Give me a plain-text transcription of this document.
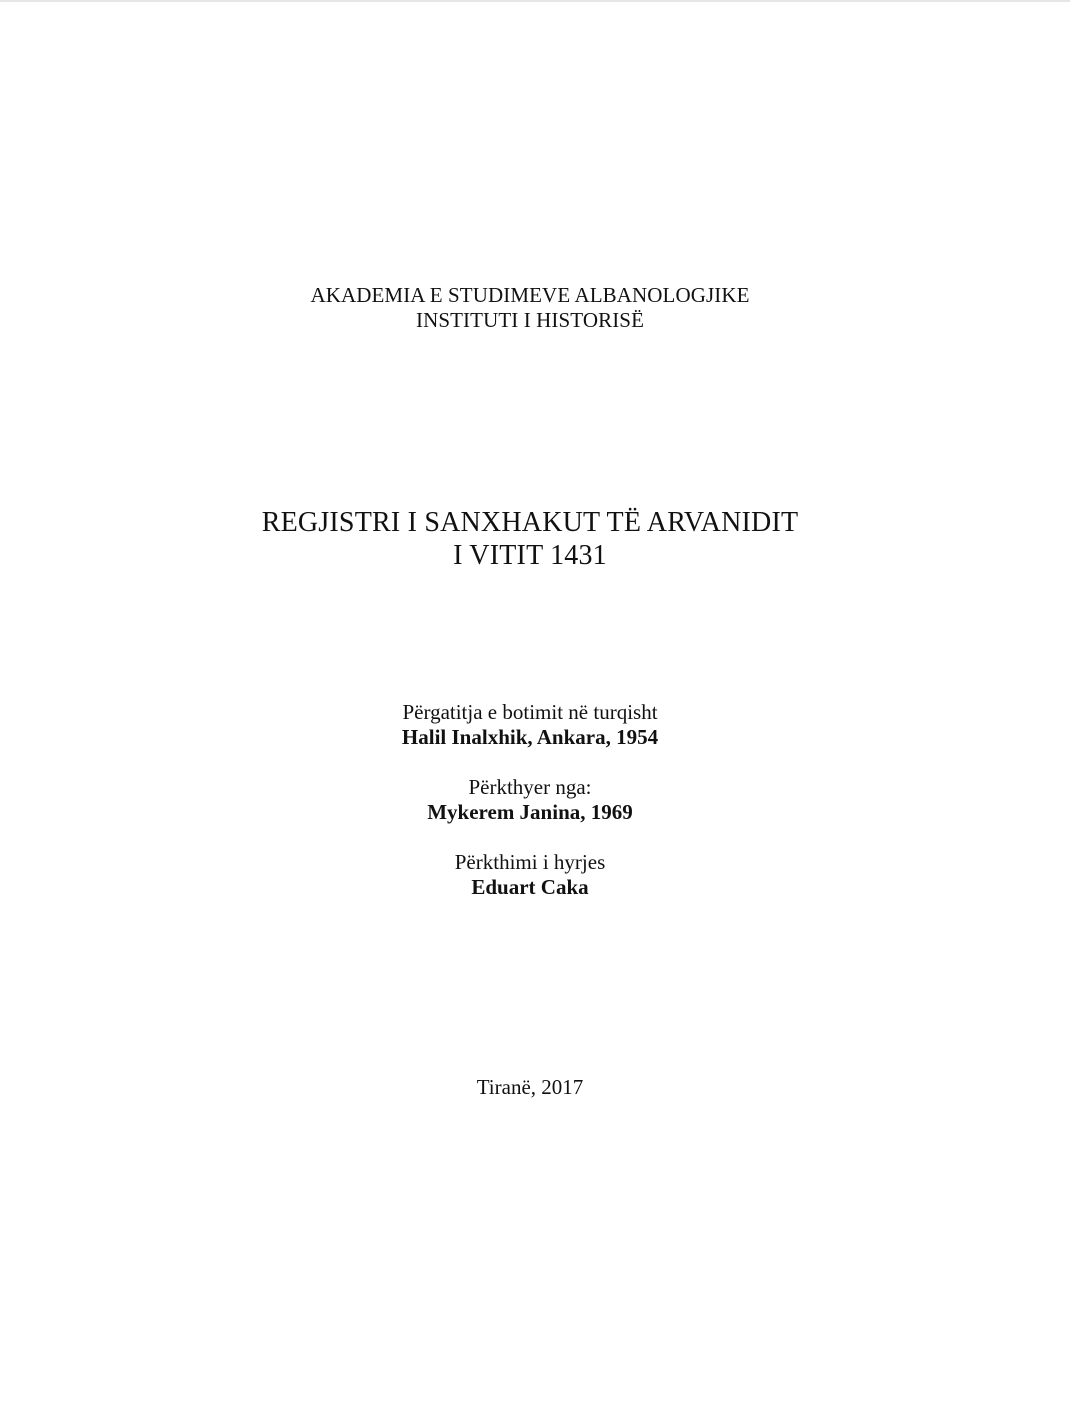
AKADEMIA E STUDIMEVE ALBANOLOGJIKE
INSTITUTI I HISTORISË
REGJISTRI I SANXHAKUT TË ARVANIDIT
I VITIT 1431
Përgatitja e botimit në turqisht
Halil Inalxhik, Ankara, 1954
Përkthyer nga:
Mykerem Janina, 1969
Përkthimi i hyrjes
Eduart Caka
Tiranë, 2017
